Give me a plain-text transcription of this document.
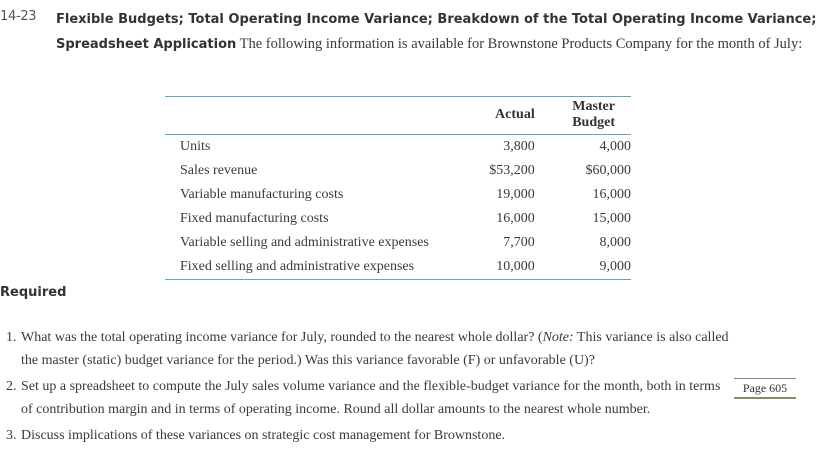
14-23 Flexible Budgets; Total Operating Income Variance; Breakdown of the Total Operating Income Variance; Spreadsheet Application The following information is available for Brownstone Products Company for the month of July:
	Actual	Master Budget
Units	3,800	4,000
Sales revenue	$53,200	$60,000
Variable manufacturing costs	19,000	16,000
Fixed manufacturing costs	16,000	15,000
Variable selling and administrative expenses	7,700	8,000
Fixed selling and administrative expenses	10,000	9,000
Required
1. What was the total operating income variance for July, rounded to the nearest whole dollar? (Note: This variance is also called the master (static) budget variance for the period.) Was this variance favorable (F) or unfavorable (U)?
2. Set up a spreadsheet to compute the July sales volume variance and the flexible-budget variance for the month, both in terms of contribution margin and in terms of operating income. Round all dollar amounts to the nearest whole number.
3. Discuss implications of these variances on strategic cost management for Brownstone.
Page 605
